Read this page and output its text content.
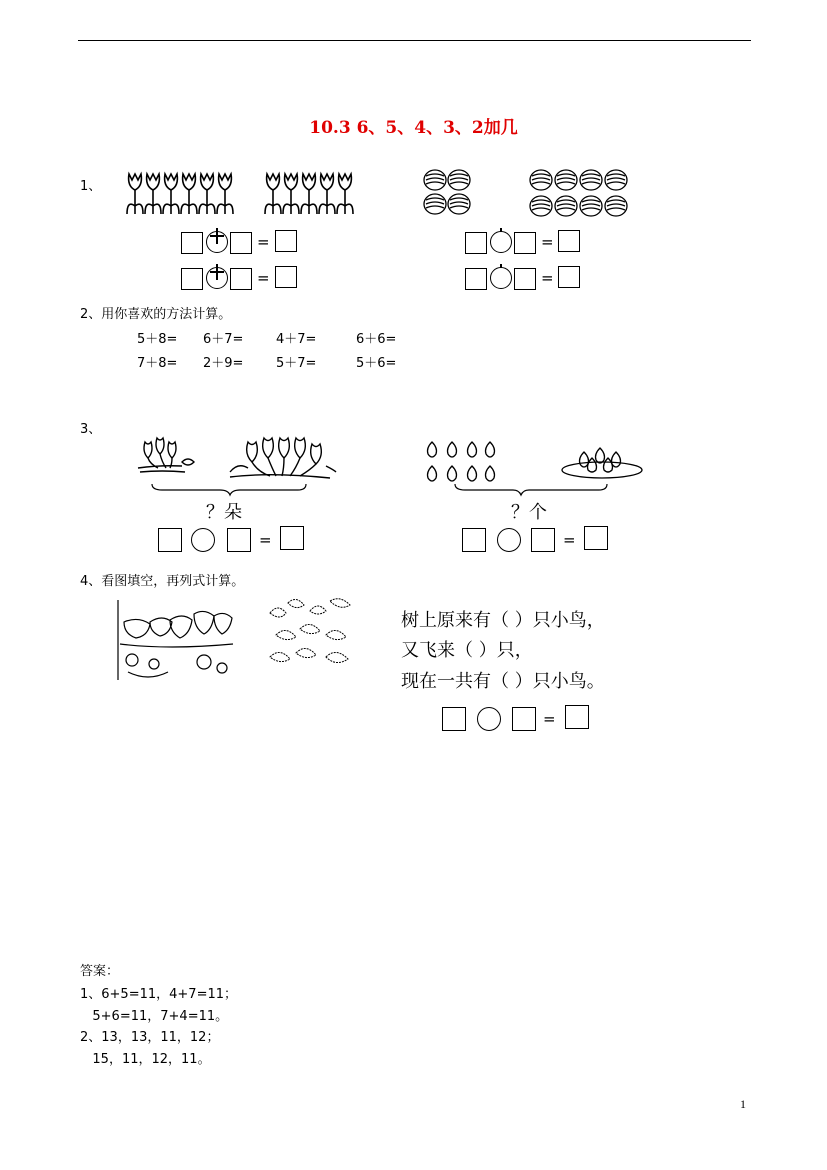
10.3 6、5、4、3、2加几
1、
=
=
=
=
2、用你喜欢的方法计算。
5＋8= 6＋7=	4＋7=	6＋6=
7＋8= 2＋9=	5＋7=	5＋6=
3、
？朵	？个
=	=
4、看图填空，再列式计算。
树上原来有（ ）只小鸟，
又飞来（ ）只，
现在一共有（ ）只小鸟。
=
答案：
1、6+5=11，4+7=11；
5+6=11，7+4=11。
2、13，13，11，12；
15，11，12，11。
1
